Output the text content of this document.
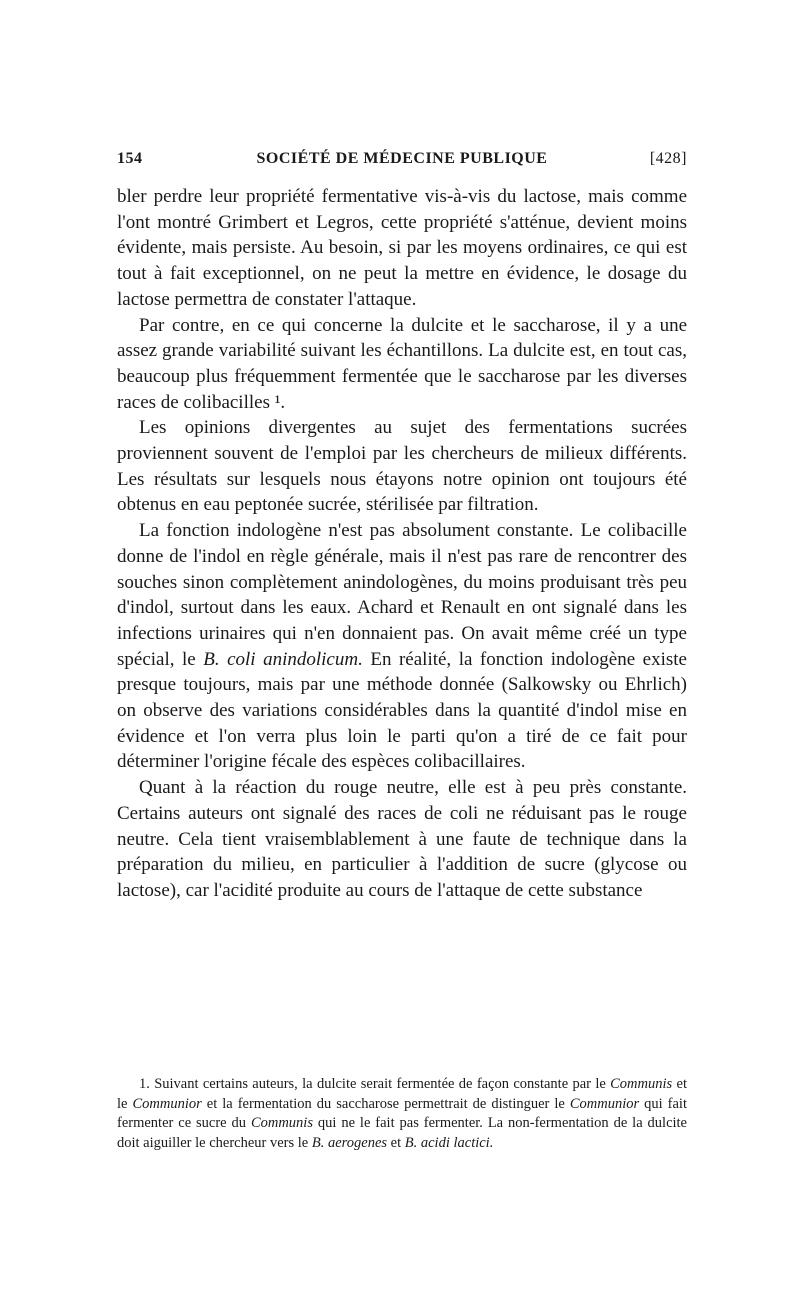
154	SOCIÉTÉ DE MÉDECINE PUBLIQUE	[428]

bler perdre leur propriété fermentative vis-à-vis du lactose, mais comme l'ont montré Grimbert et Legros, cette propriété s'atténue, devient moins évidente, mais persiste. Au besoin, si par les moyens ordinaires, ce qui est tout à fait exceptionnel, on ne peut la mettre en évidence, le dosage du lactose permettra de constater l'attaque.

Par contre, en ce qui concerne la dulcite et le saccharose, il y a une assez grande variabilité suivant les échantillons. La dulcite est, en tout cas, beaucoup plus fréquemment fermentée que le saccharose par les diverses races de colibacilles ¹.

Les opinions divergentes au sujet des fermentations sucrées proviennent souvent de l'emploi par les chercheurs de milieux différents. Les résultats sur lesquels nous étayons notre opinion ont toujours été obtenus en eau peptonée sucrée, stérilisée par filtration.

La fonction indologène n'est pas absolument constante. Le colibacille donne de l'indol en règle générale, mais il n'est pas rare de rencontrer des souches sinon complètement anindologènes, du moins produisant très peu d'indol, surtout dans les eaux. Achard et Renault en ont signalé dans les infections urinaires qui n'en donnaient pas. On avait même créé un type spécial, le B. coli anindolicum. En réalité, la fonction indologène existe presque toujours, mais par une méthode donnée (Salkowsky ou Ehrlich) on observe des variations considérables dans la quantité d'indol mise en évidence et l'on verra plus loin le parti qu'on a tiré de ce fait pour déterminer l'origine fécale des espèces colibacillaires.

Quant à la réaction du rouge neutre, elle est à peu près constante. Certains auteurs ont signalé des races de coli ne réduisant pas le rouge neutre. Cela tient vraisemblablement à une faute de technique dans la préparation du milieu, en particulier à l'addition de sucre (glycose ou lactose), car l'acidité produite au cours de l'attaque de cette substance

1. Suivant certains auteurs, la dulcite serait fermentée de façon constante par le Communis et le Communior et la fermentation du saccharose permettrait de distinguer le Communior qui fait fermenter ce sucre du Communis qui ne le fait pas fermenter. La non-fermentation de la dulcite doit aiguiller le chercheur vers le B. aerogenes et B. acidi lactici.
